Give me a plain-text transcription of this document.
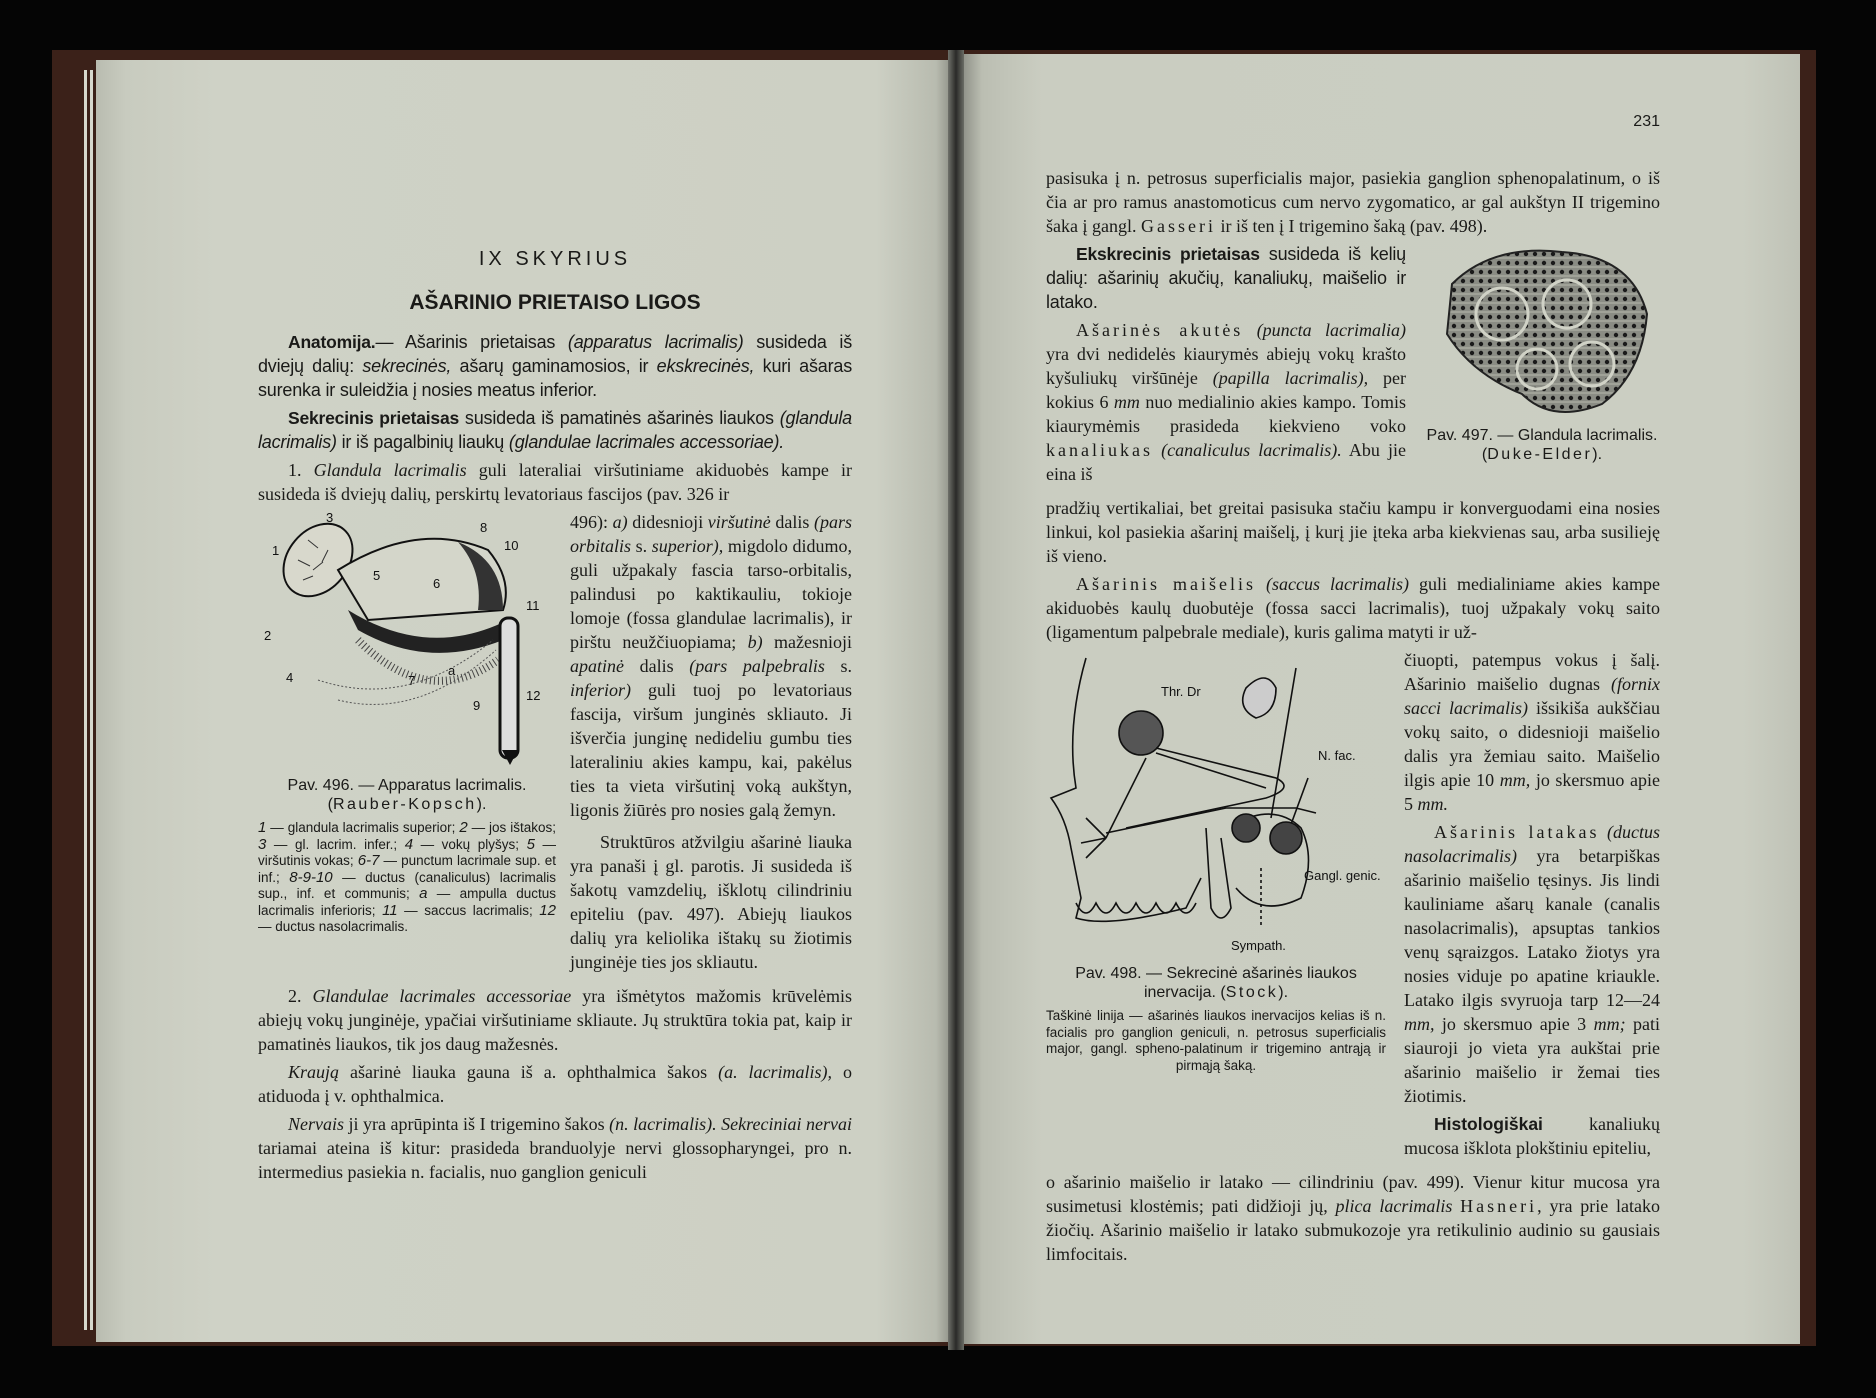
IX SKYRIUS
AŠARINIO PRIETAISO LIGOS

Anatomija.— Ašarinis prietaisas (apparatus lacrimalis) susideda iš dviejų dalių: sekrecinės, ašarų gaminamosios, ir ekskrecinės, kuri ašaras surenka ir suleidžia į nosies meatus inferior.

Sekrecinis prietaisas susideda iš pamatinės ašarinės liaukos (glandula lacrimalis) ir iš pagalbinių liaukų (glandulae lacrimales accessoriae).

1. Glandula lacrimalis guli lateraliai viršutiniame akiduobės kampe ir susideda iš dviejų dalių, perskirtų levatoriaus fascijos (pav. 326 ir

1
2
3
4
5
6
7
8
9
10
11
12
a
Pav. 496. — Apparatus lacrimalis. (Rauber-Kopsch).
1 — glandula lacrimalis superior; 2 — jos ištakos; 3 — gl. lacrim. infer.; 4 — vokų plyšys; 5 — viršutinis vokas; 6-7 — punctum lacrimale sup. et inf.; 8-9-10 — ductus (canaliculus) lacrimalis sup., inf. et communis; a — ampulla ductus lacrimalis inferioris; 11 — saccus lacrimalis; 12 — ductus nasolacrimalis.

496): a) didesnioji viršutinė dalis (pars orbitalis s. superior), migdolo didumo, guli užpakaly fascia tarso-orbitalis, palindusi po kaktikauliu, tokioje lomoje (fossa glandulae lacrimalis), ir pirštu neužčiuopiama; b) mažesnioji apatinė dalis (pars palpebralis s. inferior) guli tuoj po levatoriaus fascija, viršum junginės skliauto. Ji išverčia junginę nedideliu gumbu ties lateraliniu akies kampu, kai, pakėlus ties ta vieta viršutinį voką aukštyn, ligonis žiūrės pro nosies galą žemyn.

Struktūros atžvilgiu ašarinė liauka yra panaši į gl. parotis. Ji susideda iš šakotų vamzdelių, išklotų cilindriniu epiteliu (pav. 497). Abiejų liaukos dalių yra keliolika ištakų su žiotimis junginėje ties jos skliautu.

2. Glandulae lacrimales accessoriae yra išmėtytos mažomis krūvelėmis abiejų vokų junginėje, ypačiai viršutiniame skliaute. Jų struktūra tokia pat, kaip ir pamatinės liaukos, tik jos daug mažesnės.

Kraują ašarinė liauka gauna iš a. ophthalmica šakos (a. lacrimalis), o atiduoda į v. ophthalmica.

Nervais ji yra aprūpinta iš I trigemino šakos (n. lacrimalis). Sekreciniai nervai tariamai ateina iš kitur: prasideda branduolyje nervi glossopharyngei, pro n. intermedius pasiekia n. facialis, nuo ganglion geniculi

231

pasisuka į n. petrosus superficialis major, pasiekia ganglion sphenopalatinum, o iš čia ar pro ramus anastomoticus cum nervo zygomatico, ar gal aukštyn II trigemino šaka į gangl. Gasseri ir iš ten į I trigemino šaką (pav. 498).

Ekskrecinis prietaisas susideda iš kelių dalių: ašarinių akučių, kanaliukų, maišelio ir latako.

Ašarinės akutės (puncta lacrimalia) yra dvi nedidelės kiaurymės abiejų vokų krašto kyšuliukų viršūnėje (papilla lacrimalis), per kokius 6 mm nuo medialinio akies kampo. Tomis kiaurymėmis prasideda kiekvieno voko kanaliukas (canaliculus lacrimalis). Abu jie eina iš

Pav. 497. — Glandula lacrimalis. (Duke-Elder).

pradžių vertikaliai, bet greitai pasisuka stačiu kampu ir konverguodami eina nosies linkui, kol pasiekia ašarinį maišelį, į kurį jie įteka arba kiekvienas sau, arba susilieję iš vieno.

Ašarinis maišelis (saccus lacrimalis) guli medialiniame akies kampe akiduobės kaulų duobutėje (fossa sacci lacrimalis), tuoj užpakaly vokų saito (ligamentum palpebrale mediale), kuris galima matyti ir už-

Thr. Dr
N. fac.
Gangl. genic.
Sympath.
Pav. 498. — Sekrecinė ašarinės liaukos inervacija. (Stock).
Taškinė linija — ašarinės liaukos inervacijos kelias iš n. facialis pro ganglion geniculi, n. petrosus superficialis major, gangl. spheno-palatinum ir trigemino antrąją ir pirmąją šaką.

čiuopti, patempus vokus į šalį. Ašarinio maišelio dugnas (fornix sacci lacrimalis) išsikiša aukščiau vokų saito, o didesnioji maišelio dalis yra žemiau saito. Maišelio ilgis apie 10 mm, jo skersmuo apie 5 mm.

Ašarinis latakas (ductus nasolacrimalis) yra betarpiškas ašarinio maišelio tęsinys. Jis lindi kauliniame ašarų kanale (canalis nasolacrimalis), apsuptas tankios venų sąraizgos. Latako žiotys yra nosies viduje po apatine kriaukle. Latako ilgis svyruoja tarp 12—24 mm, jo skersmuo apie 3 mm; pati siauroji jo vieta yra aukštai prie ašarinio maišelio ir žemai ties žiotimis.

Histologiškai kanaliukų mucosa išklota plokštiniu epiteliu,

o ašarinio maišelio ir latako — cilindriniu (pav. 499). Vienur kitur mucosa yra susimetusi klostėmis; pati didžioji jų, plica lacrimalis Hasneri, yra prie latako žiočių. Ašarinio maišelio ir latako submukozoje yra retikulinio audinio su gausiais limfocitais.
